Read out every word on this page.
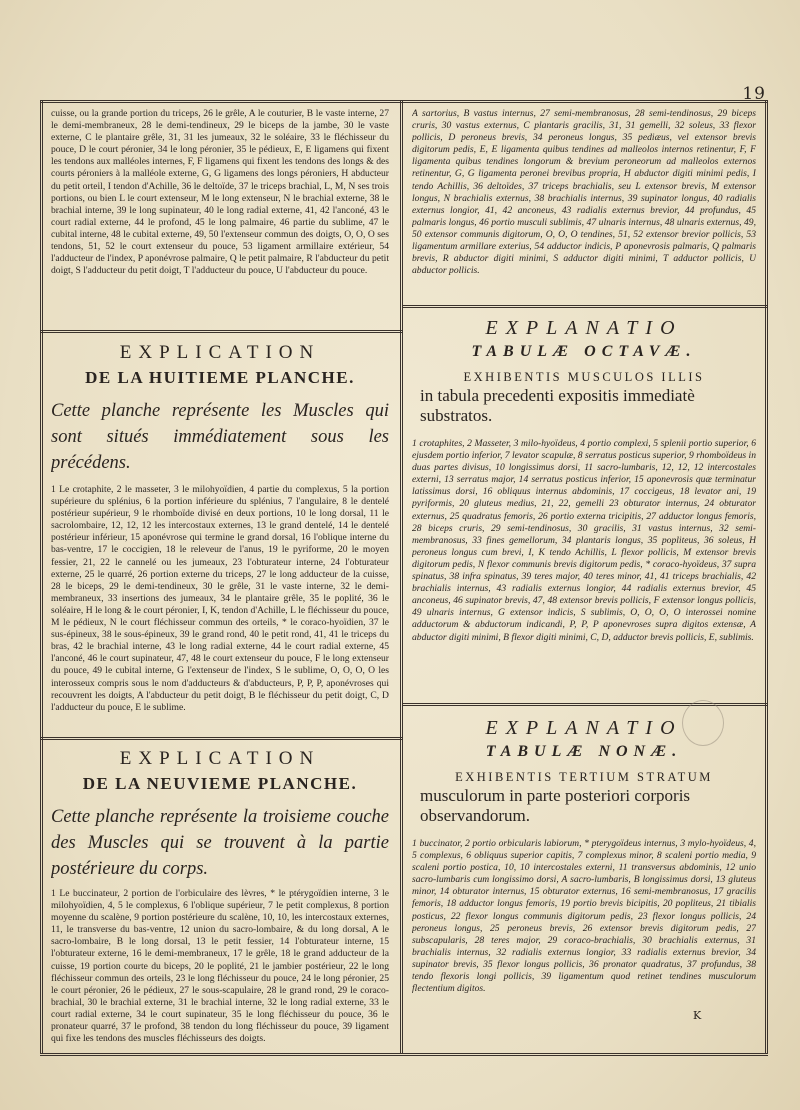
19

cuisse, ou la grande portion du triceps, 26 le grêle, A le couturier, B le vaste interne, 27 le demi-membraneux, 28 le demi-tendineux, 29 le biceps de la jambe, 30 le vaste externe, C le plantaire grêle, 31, 31 les jumeaux, 32 le soléaire, 33 le fléchisseur du pouce, D le court péronier, 34 le long péronier, 35 le pédieux, E, E ligamens qui fixent les tendons aux malléoles internes, F, F ligamens qui fixent les tendons des longs & des courts péroniers à la malléole externe, G, G ligamens des longs péroniers, H abducteur du petit orteil, I tendon d'Achille, 36 le deltoïde, 37 le triceps brachial, L, M, N ses trois portions, ou bien L le court extenseur, M le long extenseur, N le brachial externe, 38 le brachial interne, 39 le long supinateur, 40 le long radial externe, 41, 42 l'anconé, 43 le court radial externe, 44 le profond, 45 le long palmaire, 46 partie du sublime, 47 le cubital interne, 48 le cubital externe, 49, 50 l'extenseur commun des doigts, O, O, O ses tendons, 51, 52 le court extenseur du pouce, 53 ligament armillaire extérieur, 54 l'adducteur de l'index, P aponévrose palmaire, Q le petit palmaire, R l'abducteur du petit doigt, S l'adducteur du petit doigt, T l'adducteur du pouce, U l'abducteur du pouce.

EXPLICATION
DE LA HUITIEME PLANCHE.

Cette planche représente les Muscles qui sont situés immédiatement sous les précédens.

1 Le crotaphite, 2 le masseter, 3 le milohyoïdien, 4 partie du complexus, 5 la portion supérieure du splénius, 6 la portion inférieure du splénius, 7 l'angulaire, 8 le dentelé postérieur supérieur, 9 le rhomboïde divisé en deux portions, 10 le long dorsal, 11 le sacrolombaire, 12, 12, 12 les intercostaux externes, 13 le grand dentelé, 14 le dentelé postérieur inférieur, 15 aponévrose qui termine le grand dorsal, 16 l'oblique interne du bas-ventre, 17 le coccigien, 18 le releveur de l'anus, 19 le pyriforme, 20 le moyen fessier, 21, 22 le cannelé ou les jumeaux, 23 l'obturateur interne, 24 l'obturateur externe, 25 le quarré, 26 portion externe du triceps, 27 le long adducteur de la cuisse, 28 le biceps, 29 le demi-tendineux, 30 le grêle, 31 le vaste interne, 32 le demi-membraneux, 33 insertions des jumeaux, 34 le plantaire grêle, 35 le poplité, 36 le soléaire, H le long & le court péronier, I, K, tendon d'Achille, L le fléchisseur du pouce, M le pédieux, N le court fléchisseur commun des orteils, * le coraco-hyoïdien, 37 le sus-épineux, 38 le sous-épineux, 39 le grand rond, 40 le petit rond, 41, 41 le triceps du bras, 42 le brachial interne, 43 le long radial externe, 44 le court radial externe, 45 l'anconé, 46 le court supinateur, 47, 48 le court extenseur du pouce, F le long extenseur du pouce, 49 le cubital interne, G l'extenseur de l'index, S le sublime, O, O, O, O les interosseux compris sous le nom d'adducteurs & d'abducteurs, P, P, P, aponévroses qui recouvrent les doigts, A l'abducteur du petit doigt, B le fléchisseur du petit doigt, C, D l'adducteur du pouce, E le sublime.

EXPLICATION
DE LA NEUVIEME PLANCHE.

Cette planche représente la troisieme couche des Muscles qui se trouvent à la partie postérieure du corps.

1 Le buccinateur, 2 portion de l'orbiculaire des lèvres, * le ptérygoïdien interne, 3 le milohyoïdien, 4, 5 le complexus, 6 l'oblique supérieur, 7 le petit complexus, 8 portion moyenne du scalène, 9 portion postérieure du scalène, 10, 10, les intercostaux externes, 11, le transverse du bas-ventre, 12 union du sacro-lombaire, & du long dorsal, A le sacro-lombaire, B le long dorsal, 13 le petit fessier, 14 l'obturateur interne, 15 l'obturateur externe, 16 le demi-membraneux, 17 le grêle, 18 le grand adducteur de la cuisse, 19 portion courte du biceps, 20 le poplité, 21 le jambier postérieur, 22 le long fléchisseur commun des orteils, 23 le long fléchisseur du pouce, 24 le long péronier, 25 le court péronier, 26 le pédieux, 27 le sous-scapulaire, 28 le grand rond, 29 le coraco-brachial, 30 le brachial externe, 31 le brachial interne, 32 le long radial externe, 33 le court radial externe, 34 le court supinateur, 35 le long fléchisseur du pouce, 36 le pronateur quarré, 37 le profond, 38 tendon du long fléchisseur du pouce, 39 ligament qui fixe les tendons des muscles fléchisseurs des doigts.

A sartorius, B vastus internus, 27 semi-membranosus, 28 semi-tendinosus, 29 biceps cruris, 30 vastus externus, C plantaris gracilis, 31, 31 gemelli, 32 soleus, 33 flexor pollicis, D peroneus brevis, 34 peroneus longus, 35 pediæus, vel extensor brevis digitorum pedis, E, E ligamenta quibus tendines ad malleolos internos retinentur, F, F ligamenta quibus tendines longorum & brevium peroneorum ad malleolos externos retinentur, G, G ligamenta peronei brevibus propria, H abductor digiti minimi pedis, I tendo Achillis, 36 deltoïdes, 37 triceps brachialis, seu L extensor brevis, M extensor longus, N brachialis externus, 38 brachialis internus, 39 supinator longus, 40 radialis externus longior, 41, 42 anconeus, 43 radialis externus brevior, 44 profundus, 45 palmaris longus, 46 portio musculi sublimis, 47 ulnaris internus, 48 ulnaris externus, 49, 50 extensor communis digitorum, O, O, O tendines, 51, 52 extensor brevior pollicis, 53 ligamentum armillare exterius, 54 adductor indicis, P aponevrosis palmaris, Q palmaris brevis, R abductor digiti minimi, S adductor digiti minimi, T adductor pollicis, U abductor pollicis.

EXPLANATIO
TABULÆ OCTAVÆ.

EXHIBENTIS MUSCULOS ILLIS

in tabula precedenti expositis immediatè substratos.

1 crotaphites, 2 Masseter, 3 milo-hyoïdeus, 4 portio complexi, 5 splenii portio superior, 6 ejusdem portio inferior, 7 levator scapulæ, 8 serratus posticus superior, 9 rhomboïdeus in duas partes divisus, 10 longissimus dorsi, 11 sacro-lumbaris, 12, 12, 12 intercostales externi, 13 serratus major, 14 serratus posticus inferior, 15 aponevrosis quæ terminatur latissimus dorsi, 16 obliquus internus abdominis, 17 coccigeus, 18 levator ani, 19 pyriformis, 20 gluteus medius, 21, 22, gemelli 23 obturator internus, 24 obturator externus, 25 quadratus femoris, 26 portio externa tricipitis, 27 adductor longus femoris, 28 biceps cruris, 29 semi-tendinosus, 30 gracilis, 31 vastus internus, 32 semi-membranosus, 33 fines gemellorum, 34 plantaris longus, 35 popliteus, 36 soleus, H peroneus longus cum brevi, I, K tendo Achillis, L flexor pollicis, M extensor brevis digitorum pedis, N flexor communis brevis digitorum pedis, * coraco-hyoïdeus, 37 supra spinatus, 38 infra spinatus, 39 teres major, 40 teres minor, 41, 41 triceps brachialis, 42 brachialis internus, 43 radialis externus longior, 44 radialis externus brevior, 45 anconeus, 46 supinator brevis, 47, 48 extensor brevis pollicis, F extensor longus pollicis, 49 ulnaris internus, G extensor indicis, S sublimis, O, O, O, O interossei nomine adductorum & abductorum indicandi, P, P, P aponevroses supra digitos extensæ, A abductor digiti minimi, B flexor digiti minimi, C, D, adductor brevis pollicis, E, sublimis.

EXPLANATIO
TABULÆ NONÆ.

EXHIBENTIS TERTIUM STRATUM

musculorum in parte posteriori corporis observandorum.

1 buccinator, 2 portio orbicularis labiorum, * pterygoïdeus internus, 3 mylo-hyoïdeus, 4, 5 complexus, 6 obliquus superior capitis, 7 complexus minor, 8 scaleni portio media, 9 scaleni portio postica, 10, 10 intercostales externi, 11 transversus abdominis, 12 unio sacro-lumbaris cum longissimo dorsi, A sacro-lumbaris, B longissimus dorsi, 13 gluteus minor, 14 obturator internus, 15 obturator externus, 16 semi-membranosus, 17 gracilis femoris, 18 adductor longus femoris, 19 portio brevis bicipitis, 20 popliteus, 21 tibialis posticus, 22 flexor longus communis digitorum pedis, 23 flexor longus pollicis, 24 peroneus longus, 25 peroneus brevis, 26 extensor brevis digitorum pedis, 27 subscapularis, 28 teres major, 29 coraco-brachialis, 30 brachialis externus, 31 brachialis internus, 32 radialis externus longior, 33 radialis externus brevior, 34 supinator brevis, 35 flexor longus pollicis, 36 pronator quadratus, 37 profundus, 38 tendo flexoris longi pollicis, 39 ligamentum quod retinet tendines musculorum flectentium digitos.

K
